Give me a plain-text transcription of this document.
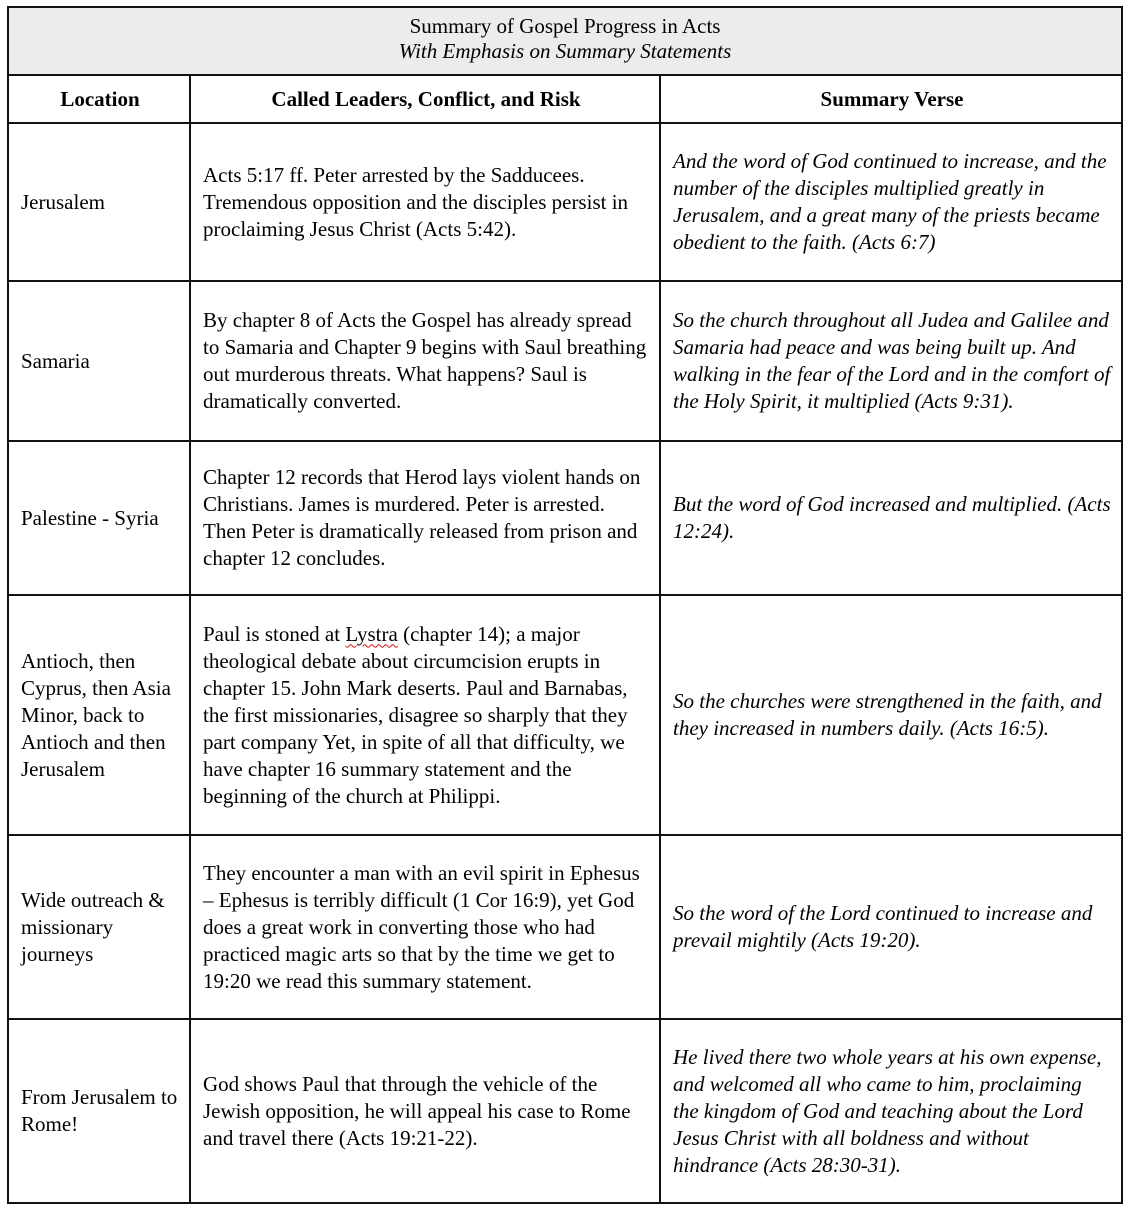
Summary of Gospel Progress in Acts
With Emphasis on Summary Statements		

Location	Called Leaders, Conflict, and Risk	Summary Verse
Jerusalem	Acts 5:17 ff. Peter arrested by the Sadducees. Tremendous opposition and the disciples persist in proclaiming Jesus Christ (Acts 5:42).	And the word of God continued to increase, and the number of the disciples multiplied greatly in Jerusalem, and a great many of the priests became obedient to the faith. (Acts 6:7)
Samaria	By chapter 8 of Acts the Gospel has already spread to Samaria and Chapter 9 begins with Saul breathing out murderous threats. What happens? Saul is dramatically converted.	So the church throughout all Judea and Galilee and Samaria had peace and was being built up. And walking in the fear of the Lord and in the comfort of the Holy Spirit, it multiplied (Acts 9:31).
Palestine - Syria	Chapter 12 records that Herod lays violent hands on Christians. James is murdered. Peter is arrested. Then Peter is dramatically released from prison and chapter 12 concludes.	But the word of God increased and multiplied. (Acts 12:24).
Antioch, then Cyprus, then Asia Minor, back to Antioch and then Jerusalem	Paul is stoned at Lystra (chapter 14); a major theological debate about circumcision erupts in chapter 15. John Mark deserts. Paul and Barnabas, the first missionaries, disagree so sharply that they part company Yet, in spite of all that difficulty, we have chapter 16 summary statement and the beginning of the church at Philippi.	So the churches were strengthened in the faith, and they increased in numbers daily. (Acts 16:5).
Wide outreach & missionary journeys	They encounter a man with an evil spirit in Ephesus – Ephesus is terribly difficult (1 Cor 16:9), yet God does a great work in converting those who had practiced magic arts so that by the time we get to 19:20 we read this summary statement.	So the word of the Lord continued to increase and prevail mightily (Acts 19:20).
From Jerusalem to Rome!	God shows Paul that through the vehicle of the Jewish opposition, he will appeal his case to Rome and travel there (Acts 19:21-22).	He lived there two whole years at his own expense, and welcomed all who came to him, proclaiming the kingdom of God and teaching about the Lord Jesus Christ with all boldness and without hindrance (Acts 28:30-31).
